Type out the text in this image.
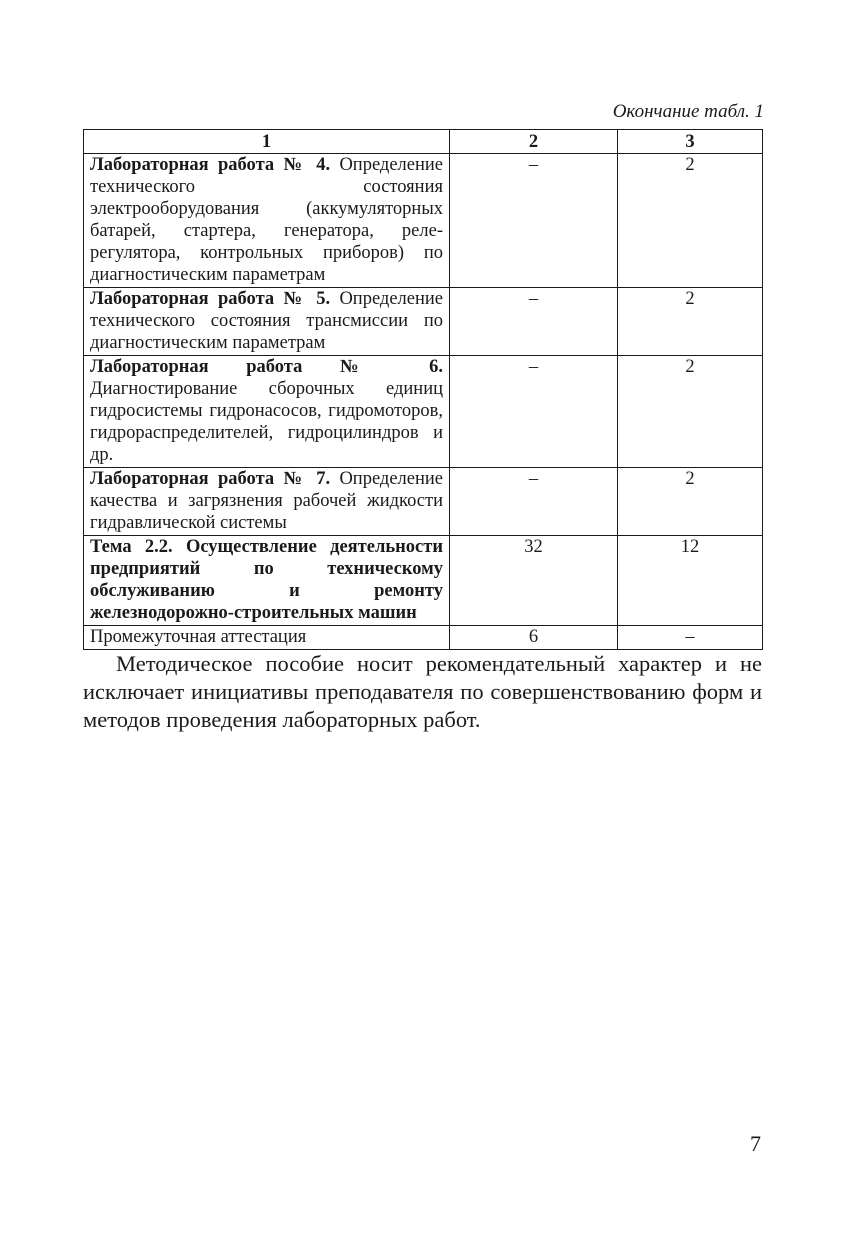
Окончание табл. 1
1	2	3
Лабораторная работа № 4. Определение технического состояния электрооборудования (аккумуляторных батарей, стартера, генератора, реле-регулятора, контрольных приборов) по диагностическим параметрам	–	2
Лабораторная работа № 5. Определение технического состояния трансмиссии по диагностическим параметрам	–	2
Лабораторная работа № 6. Диагностирование сборочных единиц гидросистемы гидронасосов, гидромоторов, гидрораспределителей, гидроцилиндров и др.	–	2
Лабораторная работа № 7. Определение качества и загрязнения рабочей жидкости гидравлической системы	–	2
Тема 2.2. Осуществление деятельности предприятий по техническому обслуживанию и ремонту железнодорожно-строительных машин	32	12
Промежуточная аттестация	6	–

Методическое пособие носит рекомендательный характер и не исключает инициативы преподавателя по совершенствованию форм и методов проведения лабораторных работ.

7
